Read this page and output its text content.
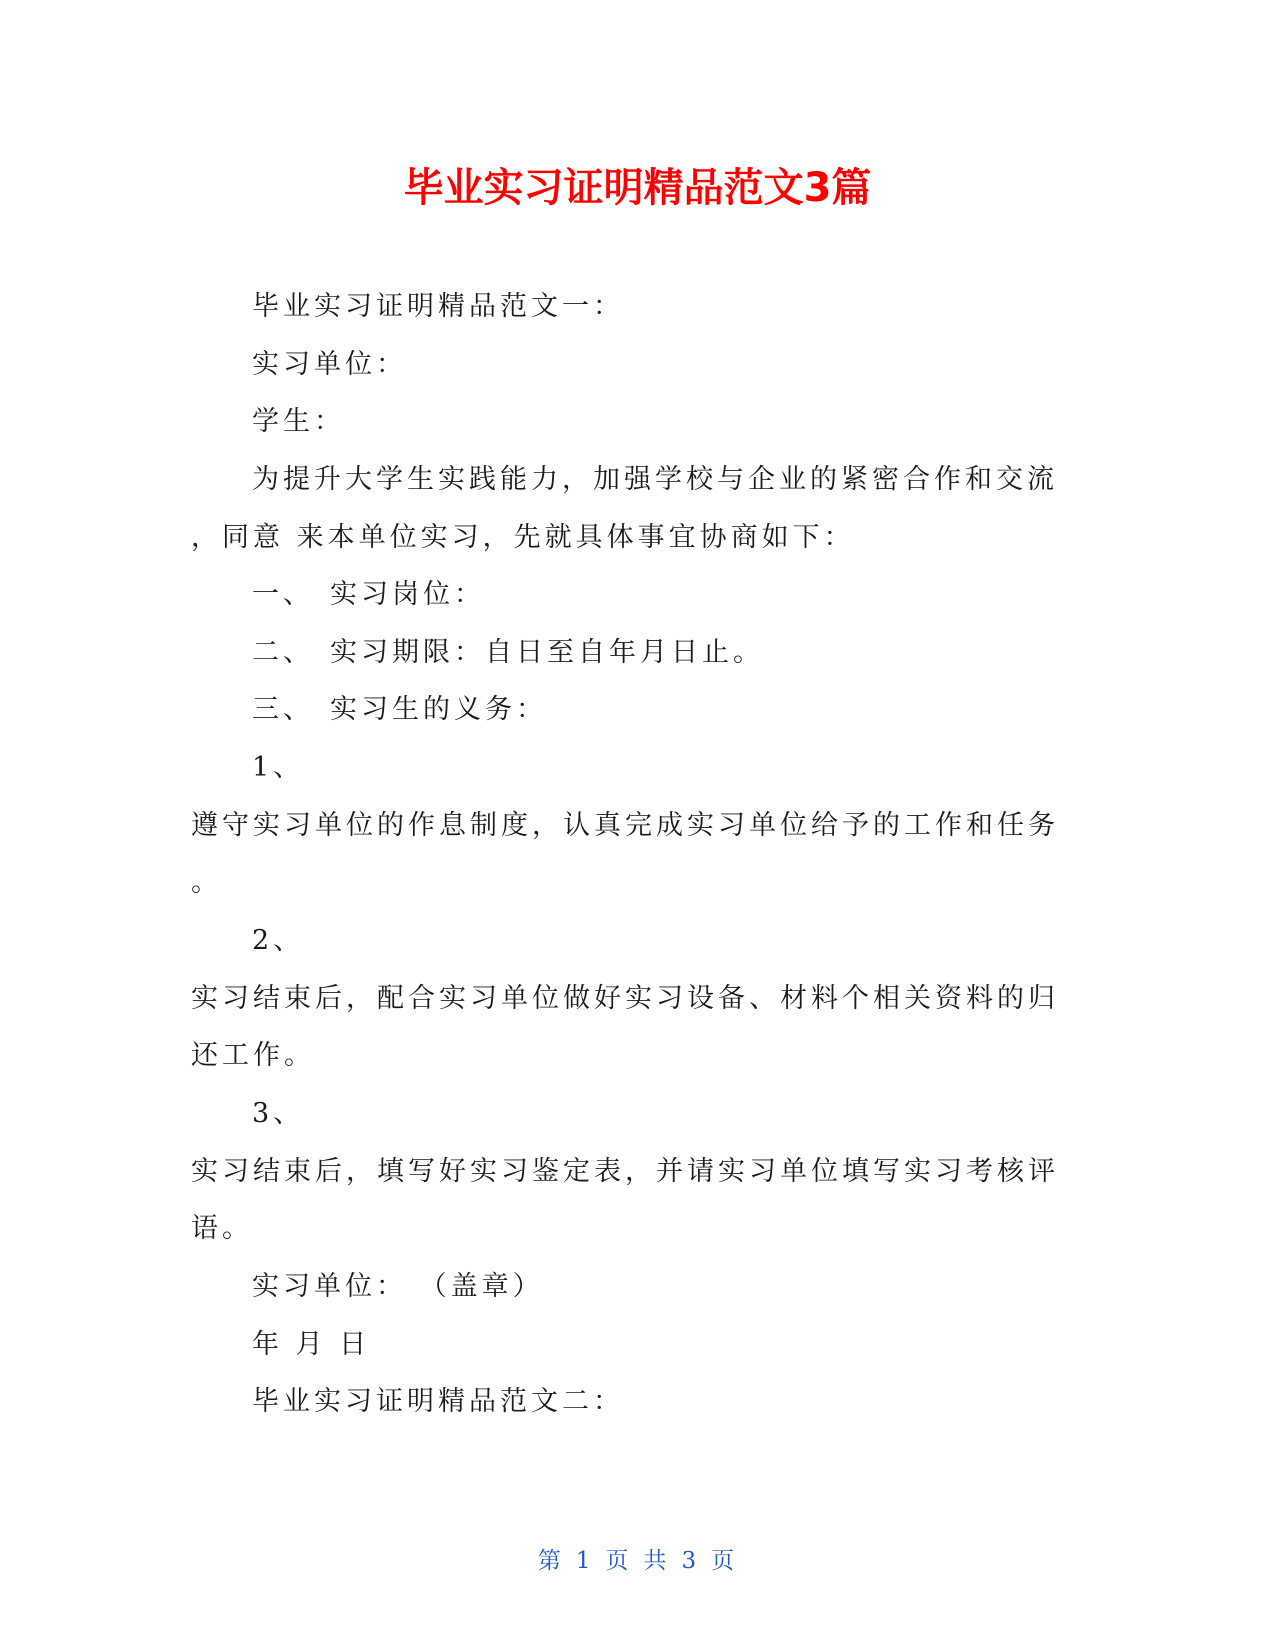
毕业实习证明精品范文3篇
毕业实习证明精品范文一：
实习单位：
学生：
为提升大学生实践能力，加强学校与企业的紧密合作和交流
，同意 来本单位实习，先就具体事宜协商如下：
一、 实习岗位：
二、 实习期限：自日至自年月日止。
三、 实习生的义务：
1、
遵守实习单位的作息制度，认真完成实习单位给予的工作和任务
。
2、
实习结束后，配合实习单位做好实习设备、材料个相关资料的归
还工作。
3、
实习结束后，填写好实习鉴定表，并请实习单位填写实习考核评
语。
实习单位： （盖章）
年 月 日
毕业实习证明精品范文二：
第 1 页 共 3 页
